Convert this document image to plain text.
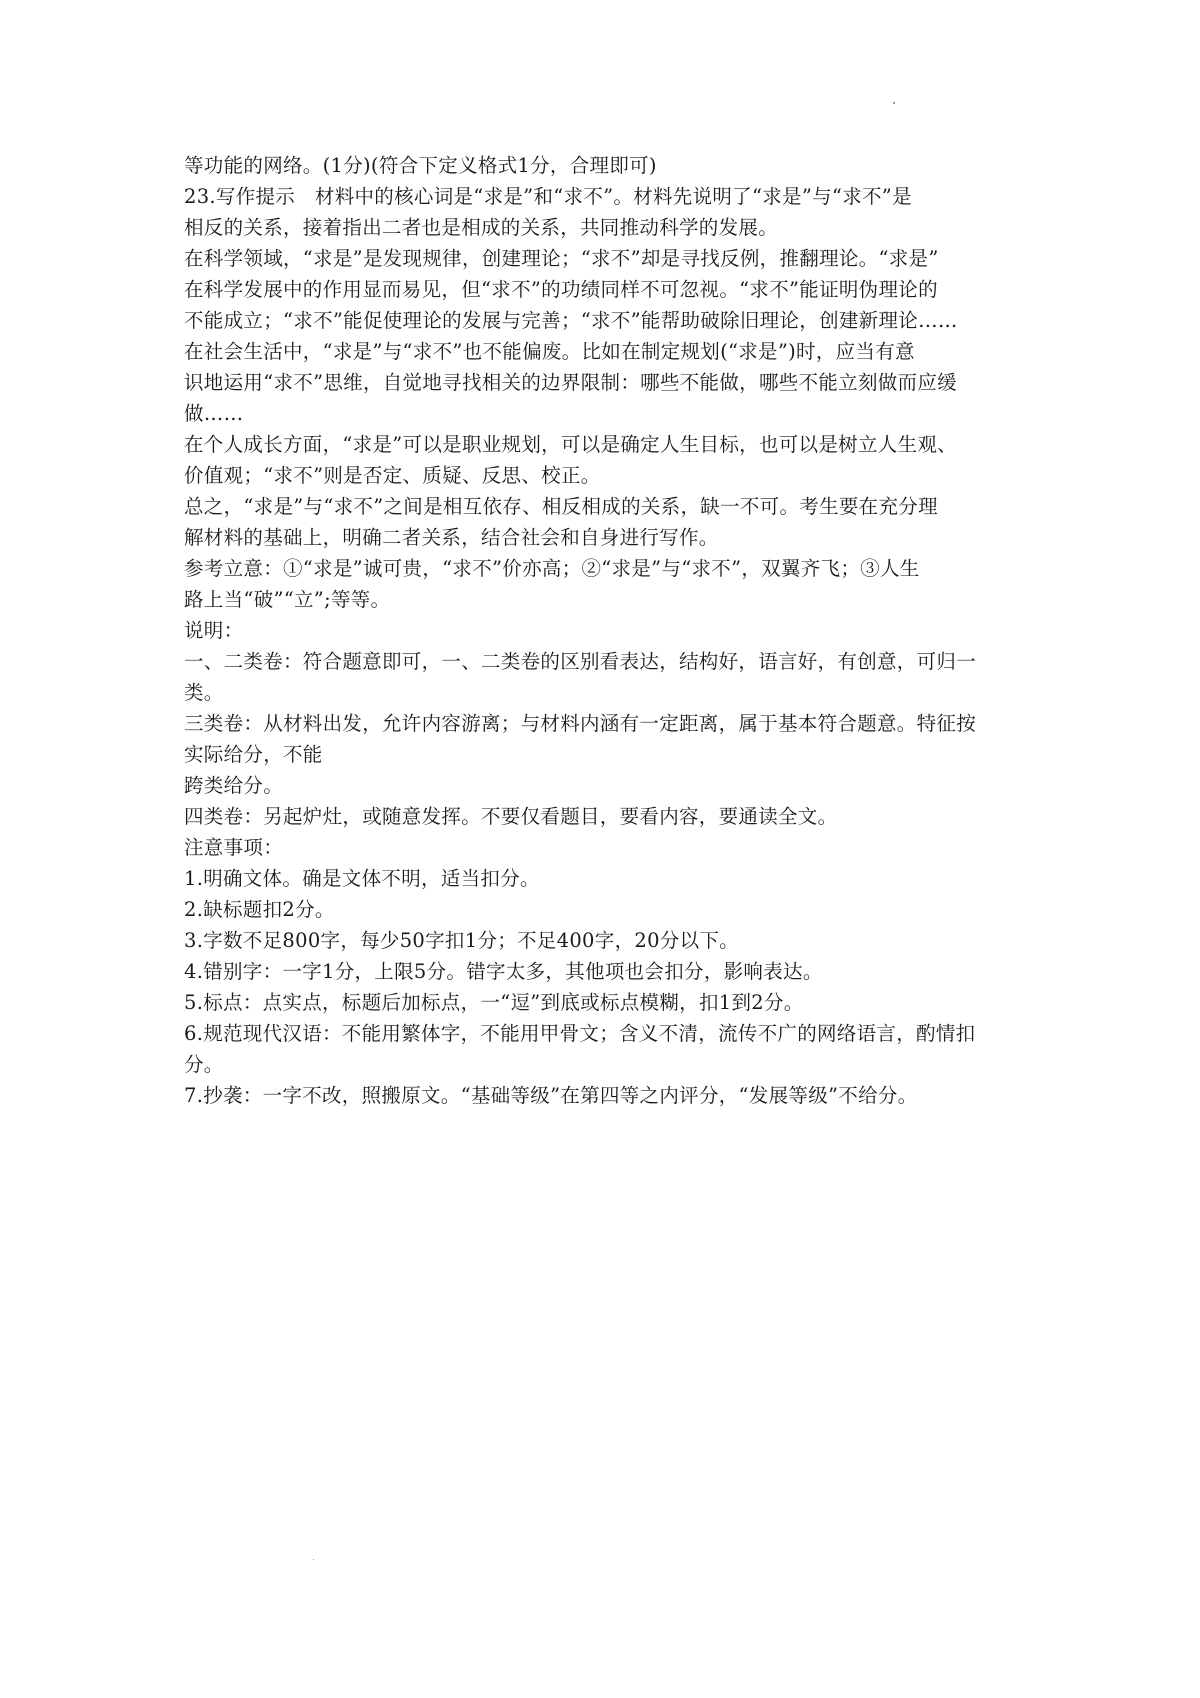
等功能的网络。(1分)(符合下定义格式1分，合理即可)
23.写作提示　材料中的核心词是“求是”和“求不”。材料先说明了“求是”与“求不”是
相反的关系，接着指出二者也是相成的关系，共同推动科学的发展。
在科学领域，“求是”是发现规律，创建理论；“求不”却是寻找反例，推翻理论。“求是”
在科学发展中的作用显而易见，但“求不”的功绩同样不可忽视。“求不”能证明伪理论的
不能成立；“求不”能促使理论的发展与完善；“求不”能帮助破除旧理论，创建新理论……
在社会生活中，“求是”与“求不”也不能偏废。比如在制定规划(“求是”)时，应当有意
识地运用“求不”思维，自觉地寻找相关的边界限制：哪些不能做，哪些不能立刻做而应缓
做……
在个人成长方面，“求是”可以是职业规划，可以是确定人生目标，也可以是树立人生观、
价值观；“求不”则是否定、质疑、反思、校正。
总之，“求是”与“求不”之间是相互依存、相反相成的关系，缺一不可。考生要在充分理
解材料的基础上，明确二者关系，结合社会和自身进行写作。
参考立意：①“求是”诚可贵，“求不”价亦高；②“求是”与“求不”，双翼齐飞；③人生
路上当“破”“立”;等等。
说明：
一、二类卷：符合题意即可，一、二类卷的区别看表达，结构好，语言好，有创意，可归一
类。
三类卷：从材料出发，允许内容游离；与材料内涵有一定距离，属于基本符合题意。特征按
实际给分，不能
跨类给分。
四类卷：另起炉灶，或随意发挥。不要仅看题目，要看内容，要通读全文。
注意事项：
1.明确文体。确是文体不明，适当扣分。
2.缺标题扣2分。
3.字数不足800字，每少50字扣1分；不足400字，20分以下。
4.错别字：一字1分，上限5分。错字太多，其他项也会扣分，影响表达。
5.标点：点实点，标题后加标点，一“逗”到底或标点模糊，扣1到2分。
6.规范现代汉语：不能用繁体字，不能用甲骨文；含义不清，流传不广的网络语言，酌情扣
分。
7.抄袭：一字不改，照搬原文。“基础等级”在第四等之内评分，“发展等级”不给分。
